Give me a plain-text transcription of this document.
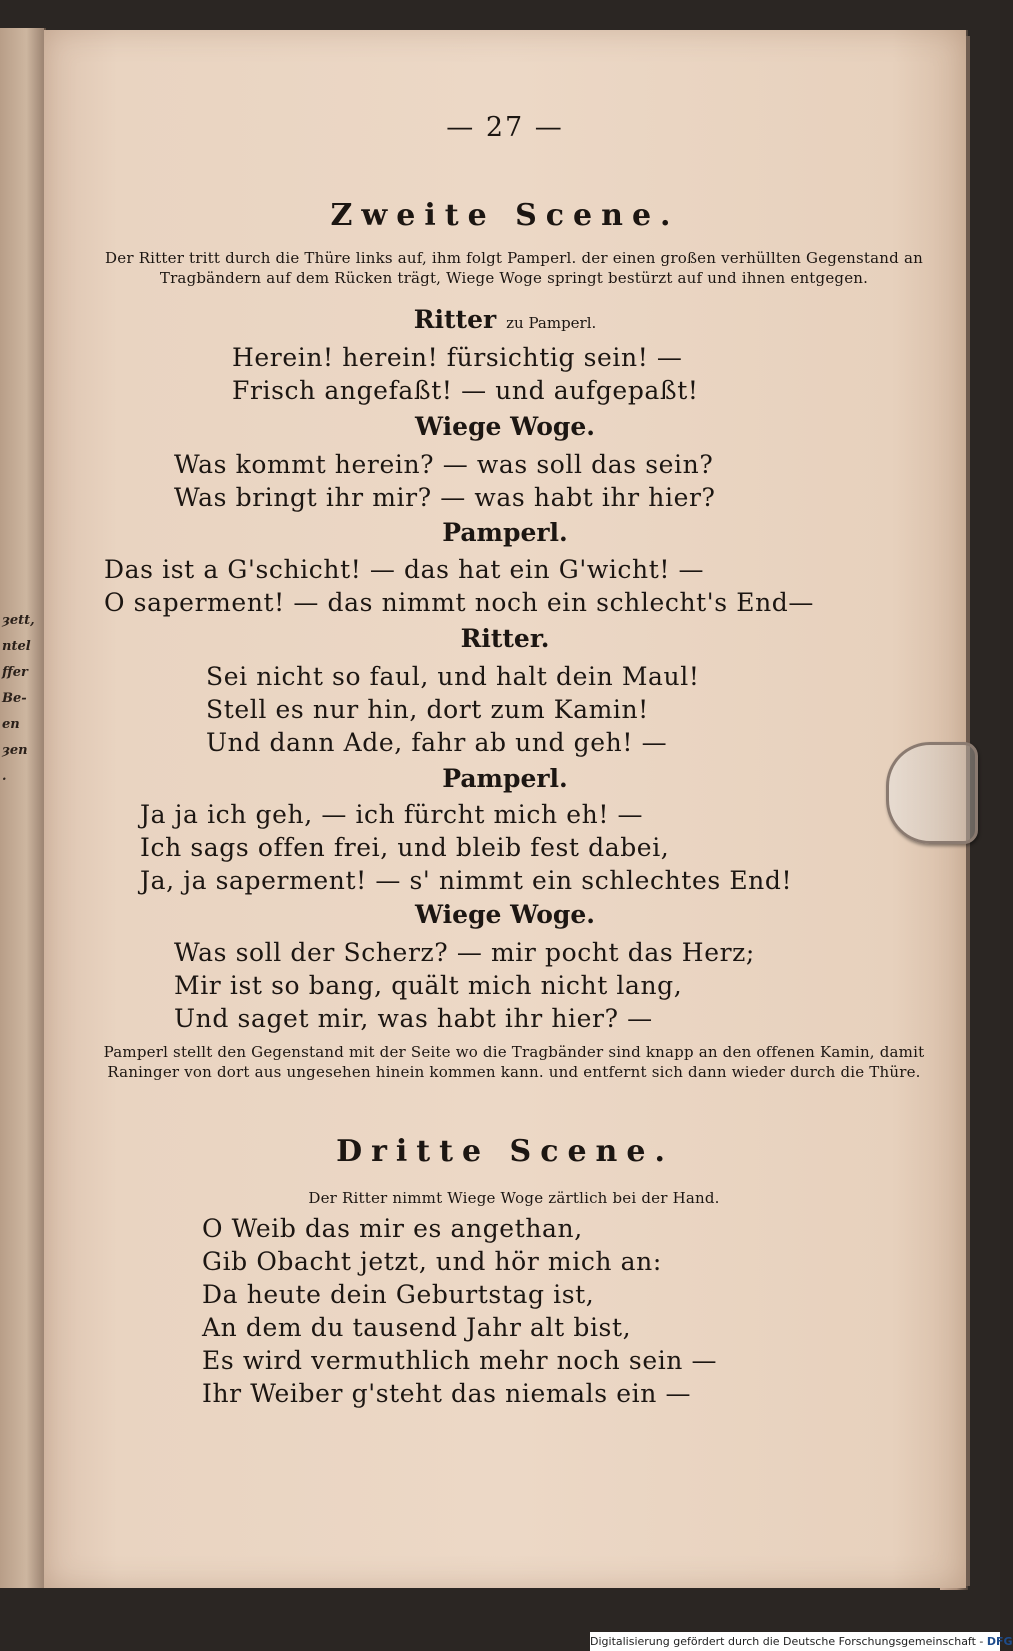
ȝett,
ntel
ffer
Be-
en
ȝen
.
— 27 —
Zweite Scene.
Der Ritter tritt durch die Thüre links auf, ihm folgt Pamperl. der einen großen verhüllten Gegenstand an Tragbändern auf dem Rücken trägt, Wiege Woge springt bestürzt auf und ihnen entgegen.
Ritter zu Pamperl.
Herein! herein! fürsichtig sein! —
Frisch angefaßt! — und aufgepaßt!
Wiege Woge.
Was kommt herein? — was soll das sein?
Was bringt ihr mir? — was habt ihr hier?
Pamperl.
Das ist a G'schicht! — das hat ein G'wicht! —
O saperment! — das nimmt noch ein schlecht's End—
Ritter.
Sei nicht so faul, und halt dein Maul!
Stell es nur hin, dort zum Kamin!
Und dann Ade, fahr ab und geh! —
Pamperl.
Ja ja ich geh, — ich fürcht mich eh! —
Ich sags offen frei, und bleib fest dabei,
Ja, ja saperment! — s' nimmt ein schlechtes End!
Wiege Woge.
Was soll der Scherz? — mir pocht das Herz;
Mir ist so bang, quält mich nicht lang,
Und saget mir, was habt ihr hier? —
Pamperl stellt den Gegenstand mit der Seite wo die Tragbänder sind knapp an den offenen Kamin, damit Raninger von dort aus ungesehen hinein kommen kann. und entfernt sich dann wieder durch die Thüre.
Dritte Scene.
Der Ritter nimmt Wiege Woge zärtlich bei der Hand.
O Weib das mir es angethan,
Gib Obacht jetzt, und hör mich an:
Da heute dein Geburtstag ist,
An dem du tausend Jahr alt bist,
Es wird vermuthlich mehr noch sein —
Ihr Weiber g'steht das niemals ein —
Digitalisierung gefördert durch die Deutsche Forschungsgemeinschaft - DFG
